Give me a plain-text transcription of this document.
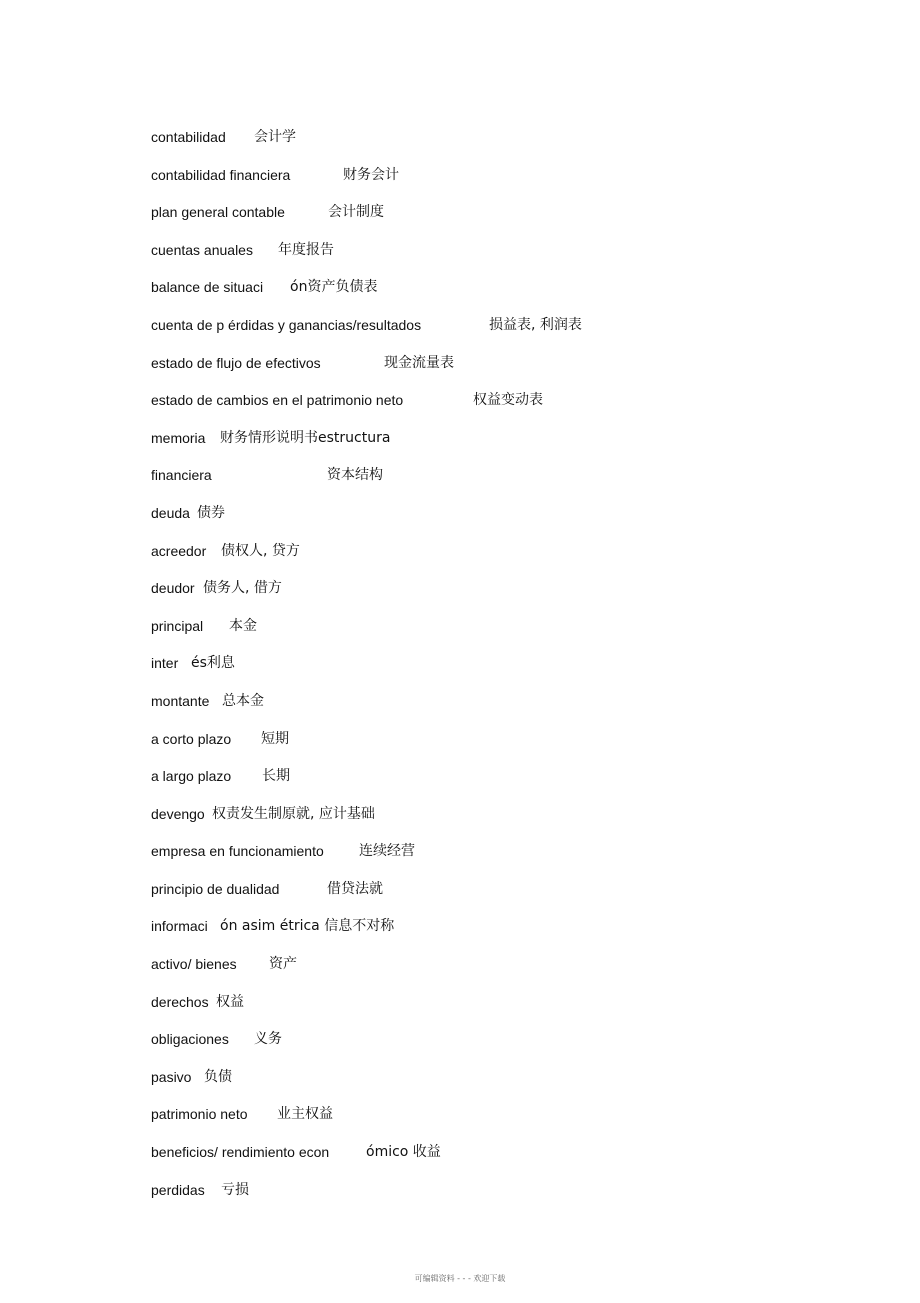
contabilidad	会计学
contabilidad financiera	财务会计
plan general contable	会计制度
cuentas anuales	年度报告
balance de situaci	ón资产负债表
cuenta de p érdidas y ganancias/resultados	损益表, 利润表
estado de flujo de efectivos	现金流量表
estado de cambios en el patrimonio neto	权益变动表
memoria	财务情形说明书estructura
financiera	资本结构
deuda 债券
acreedor	债权人, 贷方
deudor 债务人, 借方
principal	本金
inter és利息
montante 总本金
a corto plazo	短期
a largo plazo	长期
devengo 权责发生制原就, 应计基础
empresa en funcionamiento	连续经营
principio de dualidad	借贷法就
informaci ón asim étrica 信息不对称
activo/ bienes	资产
derechos 权益
obligaciones	义务
pasivo 负债
patrimonio neto	业主权益
beneficios/ rendimiento econ	ómico 收益
perdidas	亏损
可编辑资料 - - - 欢迎下载
